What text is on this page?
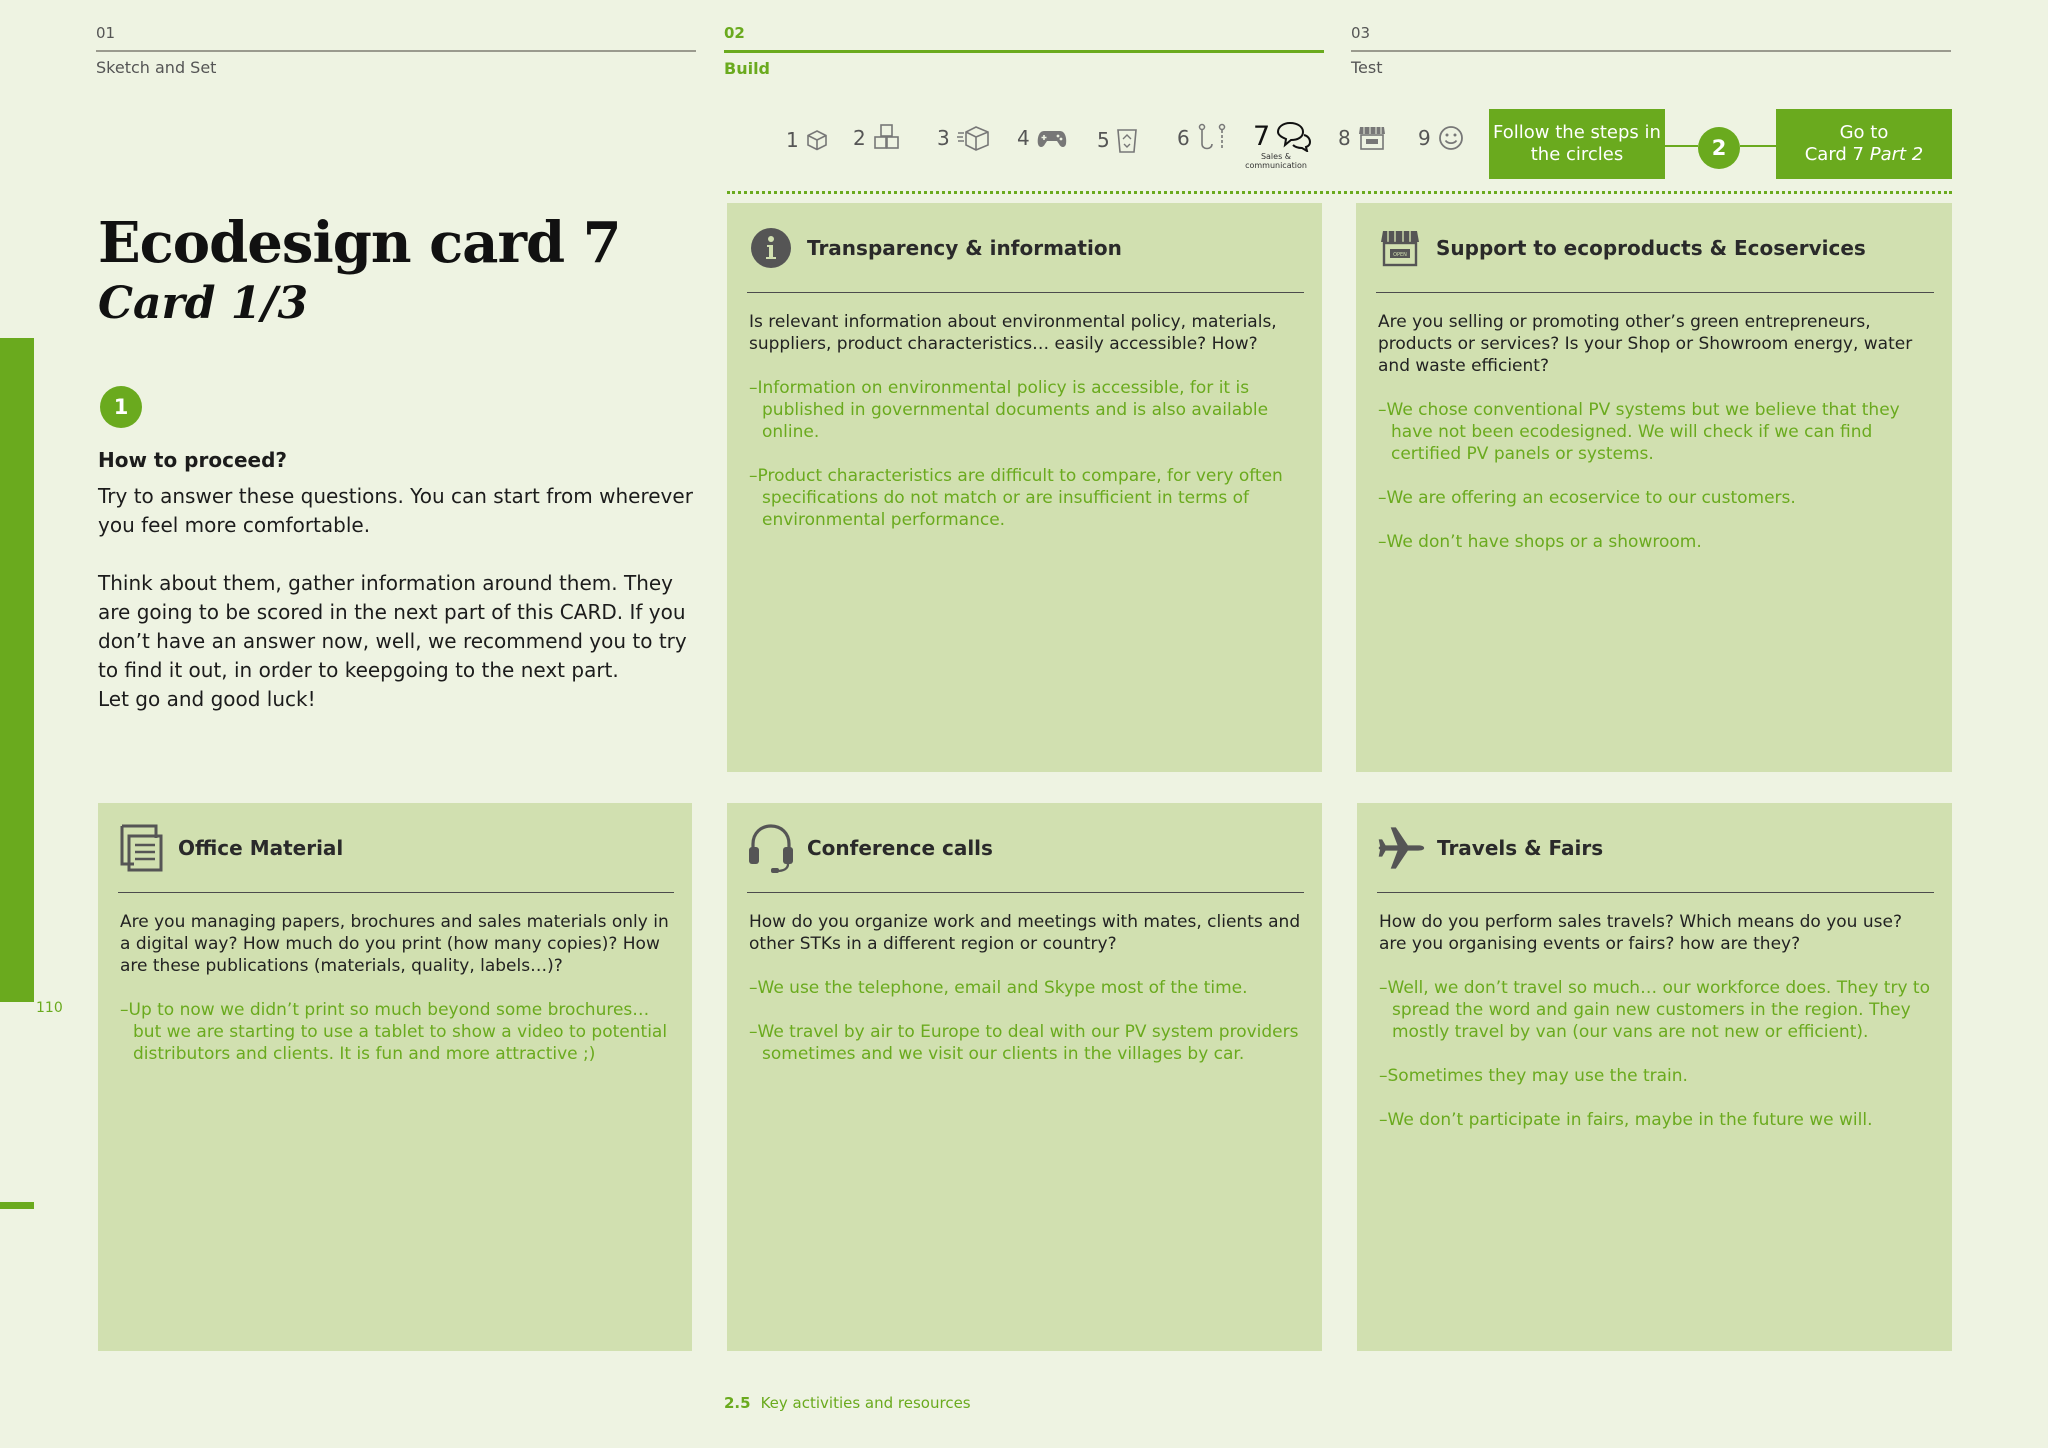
01
Sketch and Set
02
Build
03
Test
1	2	3	4	5	6 7
Sales &
communication
8	9	Follow the steps in the circles	2
Go to
Card 7 Part 2
110
Ecodesign card 7
Card 1/3
1
How to proceed?

Try to answer these questions. You can start from wherever you feel more comfortable.

Think about them, gather information around them. They are going to be scored in the next part of this CARD. If you don’t have an answer now, well, we recommend you to try to find it out, in order to keepgoing to the next part.
Let go and good luck!
Transparency & information
Is relevant information about environmental policy, materials, suppliers, product characteristics… easily accessible? How?
–Information on environmental policy is accessible, for it is published in governmental documents and is also available online.
–Product characteristics are difficult to compare, for very often specifications do not match or are insufficient in terms of environmental performance.
OPEN Support to ecoproducts & Ecoservices
Are you selling or promoting other’s green entrepreneurs, products or services? Is your Shop or Showroom energy, water and waste efficient?
–We chose conventional PV systems but we believe that they have not been ecodesigned. We will check if we can find certified PV panels or systems.
–We are offering an ecoservice to our customers.
–We don’t have shops or a showroom.
Office Material
Are you managing papers, brochures and sales materials only in a digital way? How much do you print (how many copies)? How are these publications (materials, quality, labels…)?
–Up to now we didn’t print so much beyond some brochures… but we are starting to use a tablet to show a video to potential distributors and clients. It is fun and more attractive ;)
Conference calls
How do you organize work and meetings with mates, clients and other STKs in a different region or country?
–We use the telephone, email and Skype most of the time.
–We travel by air to Europe to deal with our PV system providers sometimes and we visit our clients in the villages by car.
Travels & Fairs
How do you perform sales travels? Which means do you use? are you organising events or fairs? how are they?
–Well, we don’t travel so much… our workforce does. They try to spread the word and gain new customers in the region. They mostly travel by van (our vans are not new or efficient).
–Sometimes they may use the train.
–We don’t participate in fairs, maybe in the future we will.
2.5 Key activities and resources
